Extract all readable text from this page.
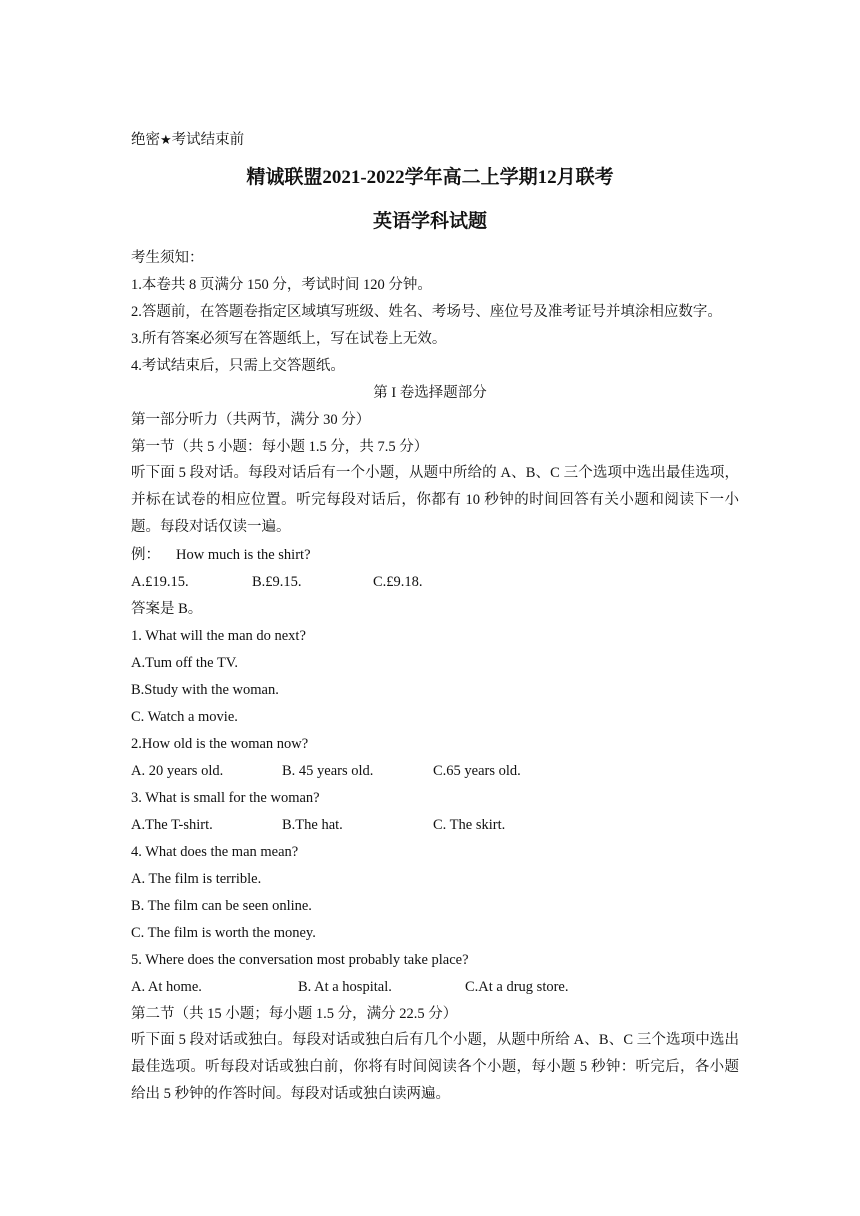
绝密★考试结束前
精诚联盟2021-2022学年高二上学期12月联考
英语学科试题
考生须知：
1.本卷共 8 页满分 150 分，考试时间 120 分钟。
2.答题前，在答题卷指定区域填写班级、姓名、考场号、座位号及准考证号并填涂相应数字。
3.所有答案必须写在答题纸上，写在试卷上无效。
4.考试结束后，只需上交答题纸。
第 I 卷选择题部分
第一部分听力（共两节，满分 30 分）
第一节（共 5 小题：每小题 1.5 分，共 7.5 分）
听下面 5 段对话。每段对话后有一个小题，从题中所给的 A、B、C 三个选项中选出最佳选项，并标在试卷的相应位置。听完每段对话后，你都有 10 秒钟的时间回答有关小题和阅读下一小题。每段对话仅读一遍。
例： How much is the shirt?
A.£19.15.	B.£9.15.	C.£9.18.
答案是 B。
1. What will the man do next?
A.Tum off the TV.
B.Study with the woman.
C. Watch a movie.
2.How old is the woman now?
A. 20 years old.	B. 45 years old.	C.65 years old.
3. What is small for the woman?
A.The T-shirt.	B.The hat.	C. The skirt.
4. What does the man mean?
A. The film is terrible.
B. The film can be seen online.
C. The film is worth the money.
5. Where does the conversation most probably take place?
A. At home.	B. At a hospital.	C.At a drug store.
第二节（共 15 小题；每小题 1.5 分，满分 22.5 分）
听下面 5 段对话或独白。每段对话或独白后有几个小题，从题中所给 A、B、C 三个选项中选出最佳选项。听每段对话或独白前，你将有时间阅读各个小题，每小题 5 秒钟：听完后，各小题给出 5 秒钟的作答时间。每段对话或独白读两遍。
